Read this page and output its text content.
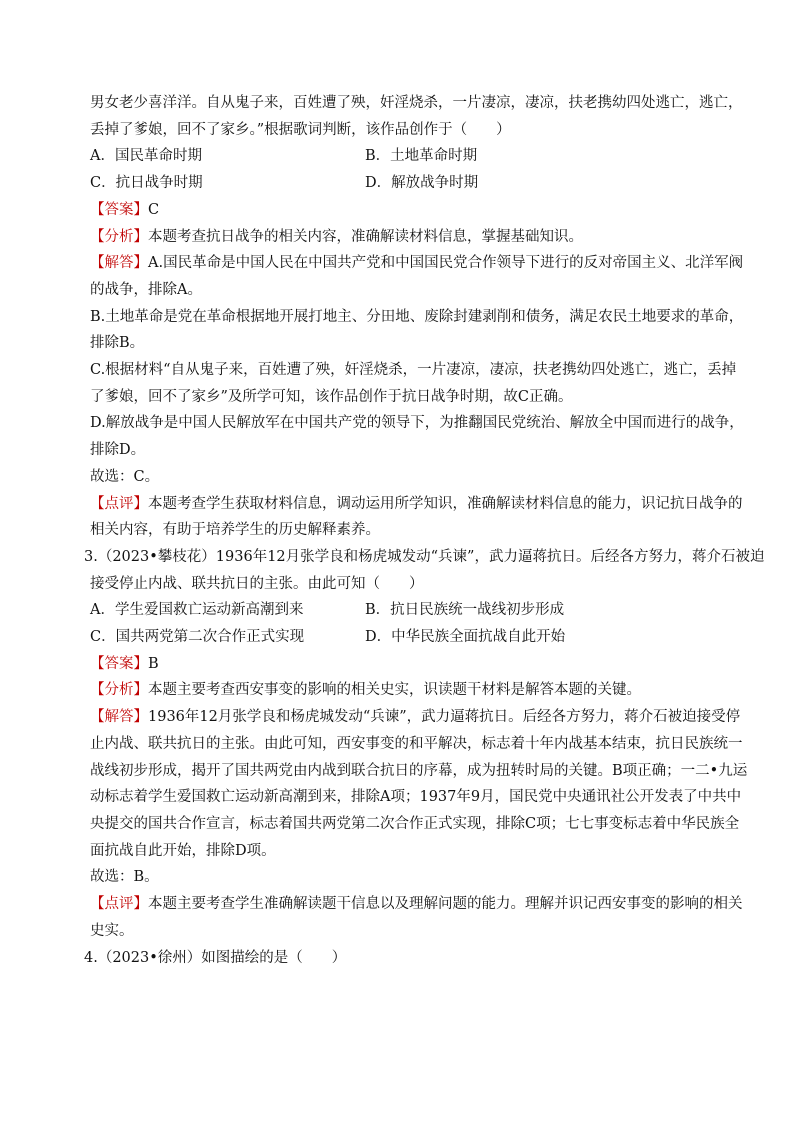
男女老少喜洋洋。自从鬼子来，百姓遭了殃，奸淫烧杀，一片凄凉，凄凉，扶老携幼四处逃亡，逃亡，
丢掉了爹娘，回不了家乡。”根据歌词判断，该作品创作于（　　）
A．国民革命时期	B．土地革命时期
C．抗日战争时期	D．解放战争时期
【答案】C
【分析】本题考查抗日战争的相关内容，准确解读材料信息，掌握基础知识。
【解答】A.国民革命是中国人民在中国共产党和中国国民党合作领导下进行的反对帝国主义、北洋军阀
的战争，排除A。
B.土地革命是党在革命根据地开展打地主、分田地、废除封建剥削和债务，满足农民土地要求的革命，
排除B。
C.根据材料“自从鬼子来，百姓遭了殃，奸淫烧杀，一片凄凉，凄凉，扶老携幼四处逃亡，逃亡，丢掉
了爹娘，回不了家乡”及所学可知，该作品创作于抗日战争时期，故C正确。
D.解放战争是中国人民解放军在中国共产党的领导下，为推翻国民党统治、解放全中国而进行的战争，
排除D。
故选：C。
【点评】本题考查学生获取材料信息，调动运用所学知识，准确解读材料信息的能力，识记抗日战争的
相关内容，有助于培养学生的历史解释素养。
3.（2023•攀枝花）1936年12月张学良和杨虎城发动“兵谏”，武力逼蒋抗日。后经各方努力，蒋介石被迫
接受停止内战、联共抗日的主张。由此可知（　　）
A．学生爱国救亡运动新高潮到来	B．抗日民族统一战线初步形成
C．国共两党第二次合作正式实现	D．中华民族全面抗战自此开始
【答案】B
【分析】本题主要考查西安事变的影响的相关史实，识读题干材料是解答本题的关键。
【解答】1936年12月张学良和杨虎城发动“兵谏”，武力逼蒋抗日。后经各方努力，蒋介石被迫接受停
止内战、联共抗日的主张。由此可知，西安事变的和平解决，标志着十年内战基本结束，抗日民族统一
战线初步形成，揭开了国共两党由内战到联合抗日的序幕，成为扭转时局的关键。B项正确；一二•九运
动标志着学生爱国救亡运动新高潮到来，排除A项；1937年9月，国民党中央通讯社公开发表了中共中
央提交的国共合作宣言，标志着国共两党第二次合作正式实现，排除C项；七七事变标志着中华民族全
面抗战自此开始，排除D项。
故选：B。
【点评】本题主要考查学生准确解读题干信息以及理解问题的能力。理解并识记西安事变的影响的相关
史实。
4.（2023•徐州）如图描绘的是（　　）
